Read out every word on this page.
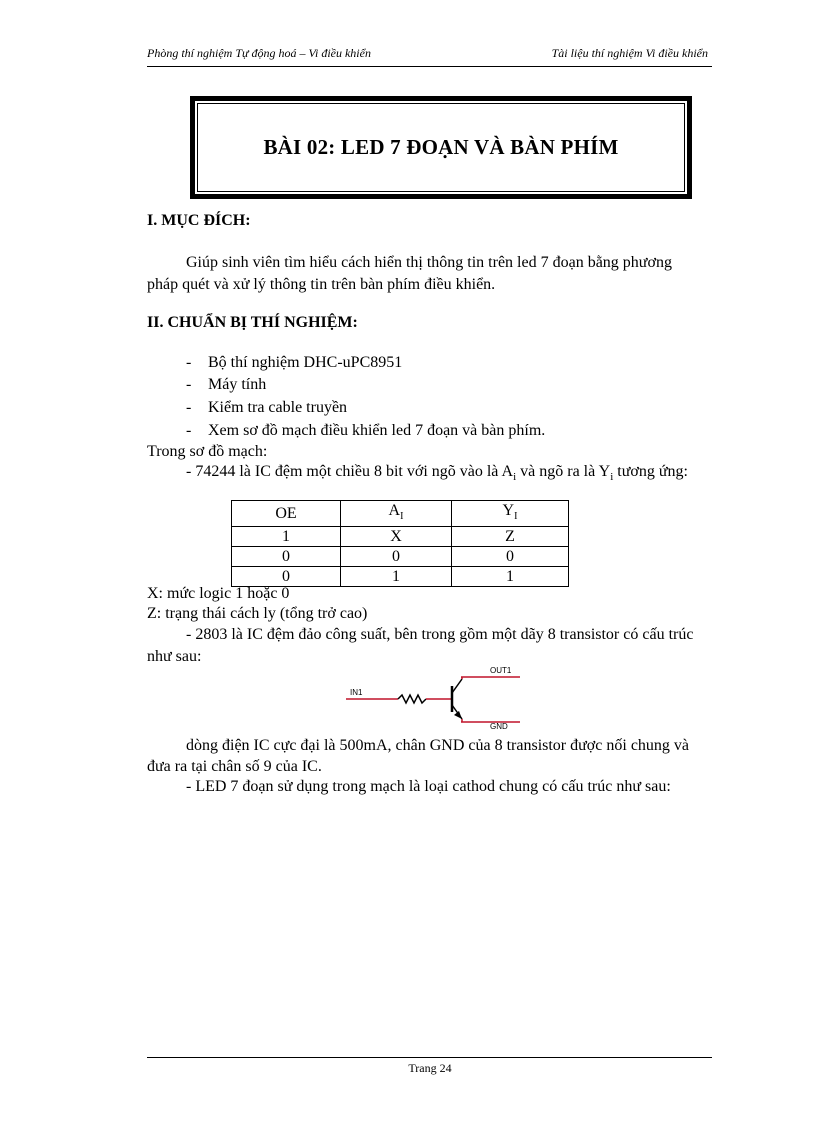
Phòng thí nghiệm Tự động hoá – Vi điều khiển	Tài liệu thí nghiệm Vi điều khiển
BÀI 02: LED 7 ĐOẠN VÀ BÀN PHÍM
I. MỤC ĐÍCH:
Giúp sinh viên tìm hiểu cách hiển thị thông tin trên led 7 đoạn bằng phương
pháp quét và xử lý thông tin trên bàn phím điều khiển.
II. CHUẨN BỊ THÍ NGHIỆM:
- Bộ thí nghiệm DHC-uPC8951
- Máy tính
- Kiểm tra cable truyền
- Xem sơ đồ mạch điều khiển led 7 đoạn và bàn phím.
Trong sơ đồ mạch:
- 74244 là IC đệm một chiều 8 bit với ngõ vào là $A_i$ và ngõ ra là $Y_i$ tương ứng:
OE	$A_I$	$Y_I$
1	X	Z
0	0	0
0	1	1
X: mức logic 1 hoặc 0
Z: trạng thái cách ly (tổng trở cao)
- 2803 là IC đệm đảo công suất, bên trong gồm một dãy 8 transistor có cấu trúc
như sau:
IN1
OUT1
GND
dòng điện IC cực đại là 500mA, chân GND của 8 transistor được nối chung và
đưa ra tại chân số 9 của IC.
- LED 7 đoạn sử dụng trong mạch là loại cathod chung có cấu trúc như sau:
Trang 24
